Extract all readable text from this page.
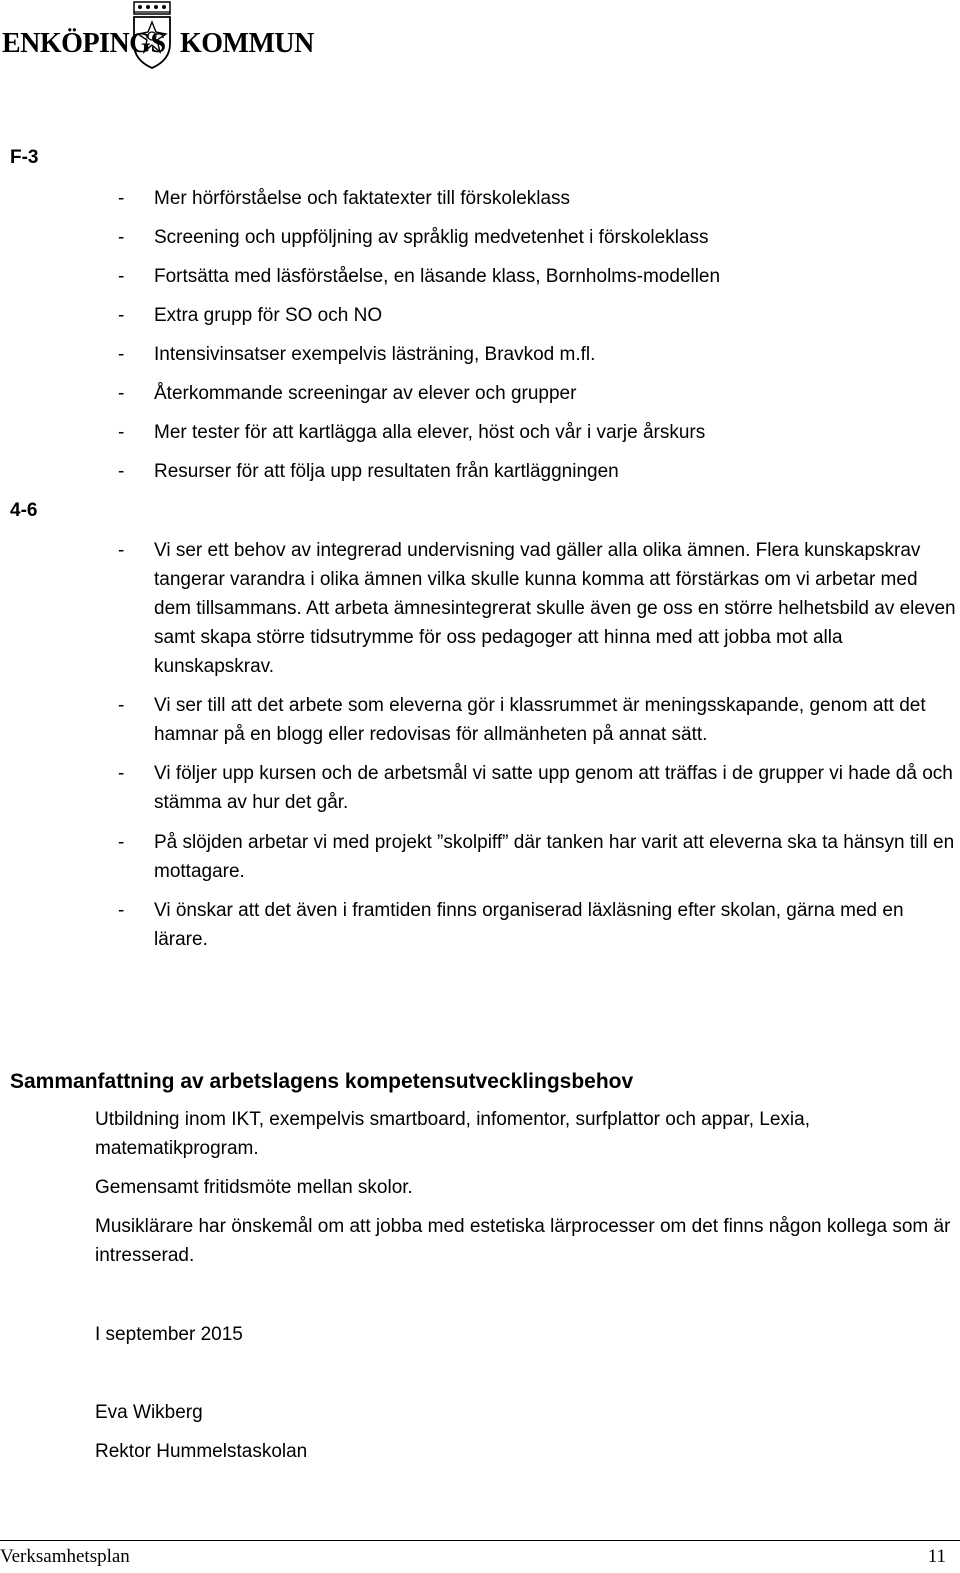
ENKÖPINGS KOMMUN
F-3
- Mer hörförståelse och faktatexter till förskoleklass
- Screening och uppföljning av språklig medvetenhet i förskoleklass
- Fortsätta med läsförståelse, en läsande klass, Bornholms-modellen
- Extra grupp för SO och NO
- Intensivinsatser exempelvis lästräning, Bravkod m.fl.
- Återkommande screeningar av elever och grupper
- Mer tester för att kartlägga alla elever, höst och vår i varje årskurs
- Resurser för att följa upp resultaten från kartläggningen
4-6
- Vi ser ett behov av integrerad undervisning vad gäller alla olika ämnen. Flera kunskapskrav tangerar varandra i olika ämnen vilka skulle kunna komma att förstärkas om vi arbetar med dem tillsammans. Att arbeta ämnesintegrerat skulle även ge oss en större helhetsbild av eleven samt skapa större tidsutrymme för oss pedagoger att hinna med att jobba mot alla kunskapskrav.
- Vi ser till att det arbete som eleverna gör i klassrummet är meningsskapande, genom att det hamnar på en blogg eller redovisas för allmänheten på annat sätt.
- Vi följer upp kursen och de arbetsmål vi satte upp genom att träffas i de grupper vi hade då och stämma av hur det går.
- På slöjden arbetar vi med projekt ”skolpiff” där tanken har varit att eleverna ska ta hänsyn till en mottagare.
- Vi önskar att det även i framtiden finns organiserad läxläsning efter skolan, gärna med en lärare.
Sammanfattning av arbetslagens kompetensutvecklingsbehov
Utbildning inom IKT, exempelvis smartboard, infomentor, surfplattor och appar, Lexia, matematikprogram.
Gemensamt fritidsmöte mellan skolor.
Musiklärare har önskemål om att jobba med estetiska lärprocesser om det finns någon kollega som är intresserad.
I september 2015
Eva Wikberg
Rektor Hummelstaskolan
Verksamhetsplan	11
